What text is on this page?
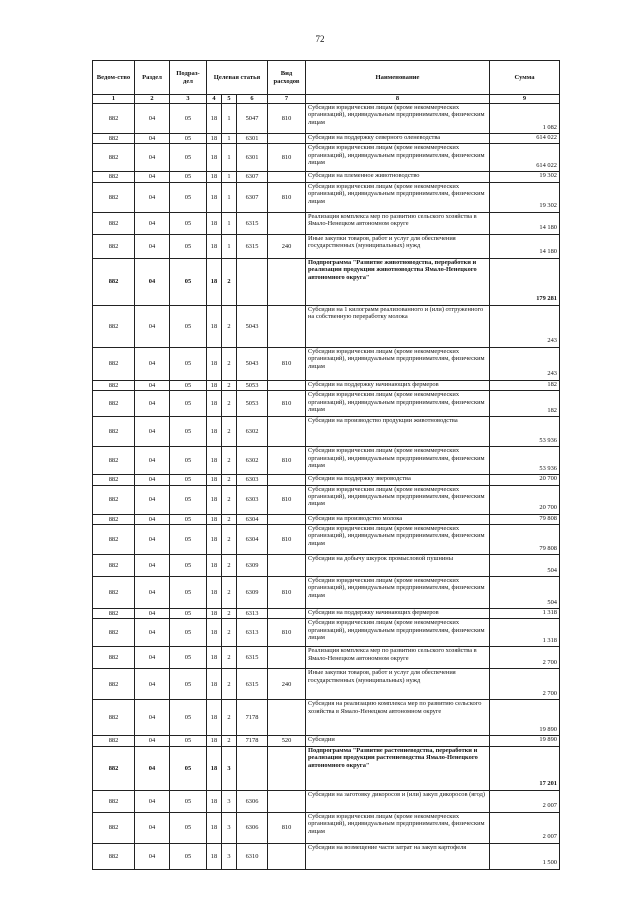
72
Ведом-ство	Раздел	Подраз-дел	Целевая статья			Вид расходов	Наименование	Сумма
1	2	3	4	5	6	7	8	9
882	04	05	18	1	5047	810	Субсидии юридическим лицам (кроме некоммерческих организаций), индивидуальным предпринимателям, физическим лицам	1 082
882	04	05	18	1	6301		Субсидии на поддержку северного оленеводства	614 022
882	04	05	18	1	6301	810	Субсидии юридическим лицам (кроме некоммерческих организаций), индивидуальным предпринимателям, физическим лицам	614 022
882	04	05	18	1	6307		Субсидии на племенное животноводство	19 302
882	04	05	18	1	6307	810	Субсидии юридическим лицам (кроме некоммерческих организаций), индивидуальным предпринимателям, физическим лицам	19 302
882	04	05	18	1	6315		Реализация комплекса мер по развитию сельского хозяйства в Ямало-Ненецком автономном округе	14 180
882	04	05	18	1	6315	240	Иные закупки товаров, работ и услуг для обеспечения государственных (муниципальных) нужд	14 180
882	04	05	18	2			Подпрограмма "Развитие животноводства, переработки и реализации продукции животноводства Ямало-Ненецкого автономного округа"	179 281
882	04	05	18	2	5043		Субсидии на 1 килограмм реализованного и (или) отгруженного на собственную переработку молока	243
882	04	05	18	2	5043	810	Субсидии юридическим лицам (кроме некоммерческих организаций), индивидуальным предпринимателям, физическим лицам	243
882	04	05	18	2	5053		Субсидии на поддержку начинающих фермеров	182
882	04	05	18	2	5053	810	Субсидии юридическим лицам (кроме некоммерческих организаций), индивидуальным предпринимателям, физическим лицам	182
882	04	05	18	2	6302		Субсидии на производство продукции животноводства	53 936
882	04	05	18	2	6302	810	Субсидии юридическим лицам (кроме некоммерческих организаций), индивидуальным предпринимателям, физическим лицам	53 936
882	04	05	18	2	6303		Субсидии на поддержку звероводства	20 700
882	04	05	18	2	6303	810	Субсидии юридическим лицам (кроме некоммерческих организаций), индивидуальным предпринимателям, физическим лицам	20 700
882	04	05	18	2	6304		Субсидии на производство молока	79 808
882	04	05	18	2	6304	810	Субсидии юридическим лицам (кроме некоммерческих организаций), индивидуальным предпринимателям, физическим лицам	79 808
882	04	05	18	2	6309		Субсидии на добычу шкурок промысловой пушнины	504
882	04	05	18	2	6309	810	Субсидии юридическим лицам (кроме некоммерческих организаций), индивидуальным предпринимателям, физическим лицам	504
882	04	05	18	2	6313		Субсидии на поддержку начинающих фермеров	1 318
882	04	05	18	2	6313	810	Субсидии юридическим лицам (кроме некоммерческих организаций), индивидуальным предпринимателям, физическим лицам	1 318
882	04	05	18	2	6315		Реализация комплекса мер по развитию сельского хозяйства в Ямало-Ненецком автономном округе	2 700
882	04	05	18	2	6315	240	Иные закупки товаров, работ и услуг для обеспечения государственных (муниципальных) нужд	2 700
882	04	05	18	2	7178		Субсидия на реализацию комплекса мер по развитию сельского хозяйства в Ямало-Ненецком автономном округе	19 890
882	04	05	18	2	7178	520	Субсидии	19 890
882	04	05	18	3			Подпрограмма "Развитие растениеводства, переработки и реализации продукции растениеводства Ямало-Ненецкого автономного округа"	17 201
882	04	05	18	3	6306		Субсидии на заготовку дикоросов и (или) закуп дикоросов (ягод)	2 007
882	04	05	18	3	6306	810	Субсидии юридическим лицам (кроме некоммерческих организаций), индивидуальным предпринимателям, физическим лицам	2 007
882	04	05	18	3	6310		Субсидии на возмещение части затрат на закуп картофеля	1 500
